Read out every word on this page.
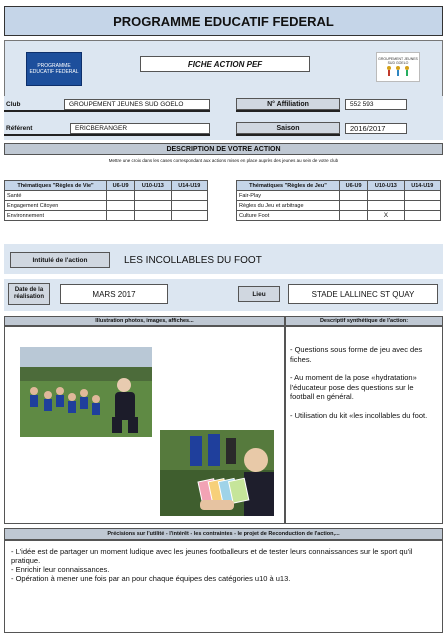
PROGRAMME EDUCATIF FEDERAL
PROGRAMME
EDUCATIF FEDERAL
FICHE ACTION PEF
GROUPEMENT JEUNES
SUD GOELO
Club	GROUPEMENT JEUNES SUD GOELO	N° Affiliation	552 593
Référent	ERICBERANGER	Saison	2016/2017
DESCRIPTION DE VOTRE ACTION
Mettre une croix dans les cases correspondant aux actions mises en place auprès des jeunes au sein de votre club
Thématiques "Règles de Vie"	U6-U9	U10-U13	U14-U19
Santé			
Engagement Citoyen			
Environnement			
Thématiques "Règles de Jeu"	U6-U9	U10-U13	U14-U19
Fair-Play			
Règles du Jeu et arbitrage			
Culture Foot		X	
Intitulé de l'action	LES INCOLLABLES DU FOOT
Date de la
réalisation	MARS 2017	Lieu	STADE LALLINEC ST QUAY
Illustration photos, images, affiches...	Descriptif synthétique de l'action:

- Questions sous forme de jeu avec des fiches.

- Au moment de la pose «hydratation» l'éducateur pose des questions sur le football en général.

- Utilisation du kit «les incollables du foot.

Précisions sur l'utilité - l'intérêt - les contraintes - le projet de Reconduction de l'action,...
- L'idée est de partager un moment ludique avec les jeunes footballeurs et de tester leurs connaissances sur le sport qu'il pratique.
- Enrichir leur connaissances.
- Opération à mener une fois par an pour chaque équipes des catégories u10 à u13.
